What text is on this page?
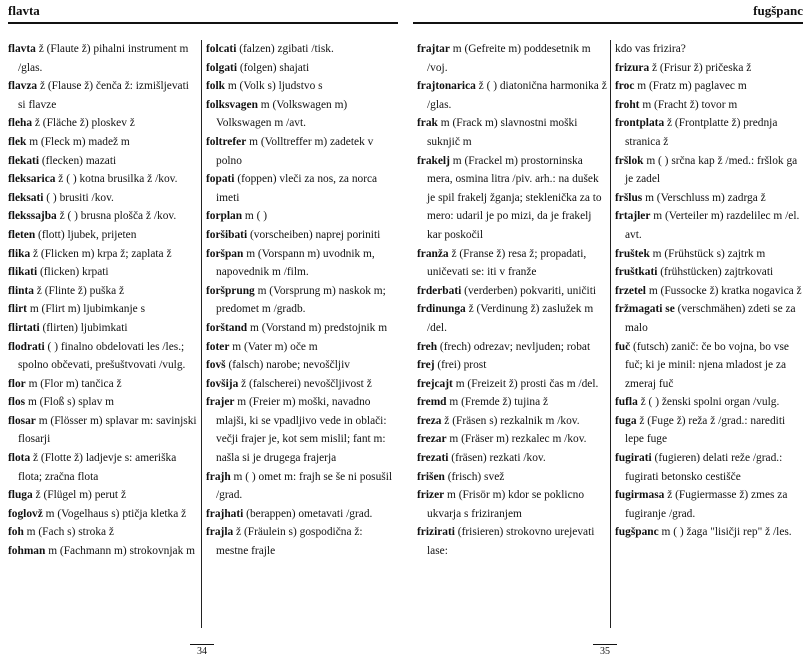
flavta
flavta ž (Flaute ž) pihalni instrument m /glas.
flavza ž (Flause ž) čenča ž: izmišljevati si flavze
fleha ž (Fläche ž) ploskev ž
flek m (Fleck m) madež m
flekati (flecken) mazati
fleksarica ž ( ) kotna brusilka ž /kov.
fleksati ( ) brusiti /kov.
flekssajba ž ( ) brusna plošča ž /kov.
fleten (flott) ljubek, prijeten
flika ž (Flicken m) krpa ž; zaplata ž
flikati (flicken) krpati
flinta ž (Flinte ž) puška ž
flirt m (Flirt m) ljubimkanje s
flirtati (flirten) ljubimkati
flodrati ( ) finalno obdelovati les /les.; spolno občevati, prešuštvovati /vulg.
flor m (Flor m) tančica ž
flos m (Floß s) splav m
flosar m (Flösser m) splavar m: savinjski flosarji
flota ž (Flotte ž) ladjevje s: ameriška flota; zračna flota
fluga ž (Flügel m) perut ž
foglovž m (Vogelhaus s) ptičja kletka ž
foh m (Fach s) stroka ž
fohman m (Fachmann m) strokovnjak m
folcati (falzen) zgibati /tisk.
folgati (folgen) shajati
folk m (Volk s) ljudstvo s
folksvagen m (Volkswagen m) Volkswagen m /avt.
foltrefer m (Volltreffer m) zadetek v polno
fopati (foppen) vleči za nos, za norca imeti
forplan m ( )
foršibati (vorscheiben) naprej poriniti
foršpan m (Vorspann m) uvodnik m, napovednik m /film.
foršprung m (Vorsprung m) naskok m; predomet m /gradb.
forštand m (Vorstand m) predstojnik m
foter m (Vater m) oče m
fovš (falsch) narobe; nevoščljiv
fovšija ž (falscherei) nevoščljivost ž
frajer m (Freier m) moški, navadno mlajši, ki se vpadljivo vede in oblači: večji frajer je, kot sem mislil; fant m: našla si je drugega frajerja
frajh m ( ) omet m: frajh se še ni posušil /grad.
frajhati (berappen) ometavati /grad.
frajla ž (Fräulein s) gospodična ž: mestne frajle
34
fugšpanc
frajtar m (Gefreite m) poddesetnik m /voj.
frajtonarica ž ( ) diatonična harmonika ž /glas.
frak m (Frack m) slavnostni moški suknjič m
frakelj m (Frackel m) prostorninska mera, osmina litra /piv. arh.: na dušek je spil frakelj žganja; steklenička za to mero: udaril je po mizi, da je frakelj kar poskočil
franža ž (Franse ž) resa ž; propadati, uničevati se: iti v franže
frderbati (verderben) pokvariti, uničiti
frdinunga ž (Verdinung ž) zaslužek m /del.
freh (frech) odrezav; nevljuden; robat
frej (frei) prost
frejcajt m (Freizeit ž) prosti čas m /del.
fremd m (Fremde ž) tujina ž
freza ž (Fräsen s) rezkalnik m /kov.
frezar m (Fräser m) rezkalec m /kov.
frezati (fräsen) rezkati /kov.
frišen (frisch) svež
frizer m (Frisör m) kdor se poklicno ukvarja s friziranjem
frizirati (frisieren) strokovno urejevati lase:
kdo vas frizira?
frizura ž (Frisur ž) pričeska ž
froc m (Fratz m) paglavec m
froht m (Fracht ž) tovor m
frontplata ž (Frontplatte ž) prednja stranica ž
fršlok m ( ) srčna kap ž /med.: fršlok ga je zadel
fršlus m (Verschluss m) zadrga ž
frtajler m (Verteiler m) razdelilec m /el. avt.
fruštek m (Frühstück s) zajtrk m
fruštkati (frühstücken) zajtrkovati
frzetel m (Fussocke ž) kratka nogavica ž
fržmagati se (verschmähen) zdeti se za malo
fuč (futsch) zanič: če bo vojna, bo vse fuč; ki je minil: njena mladost je za zmeraj fuč
fufla ž ( ) ženski spolni organ /vulg.
fuga ž (Fuge ž) reža ž /grad.: narediti lepe fuge
fugirati (fugieren) delati reže /grad.: fugirati betonsko cestišče
fugirmasa ž (Fugiermasse ž) zmes za fugiranje /grad.
fugšpanc m ( ) žaga "lisičji rep" ž /les.
35
